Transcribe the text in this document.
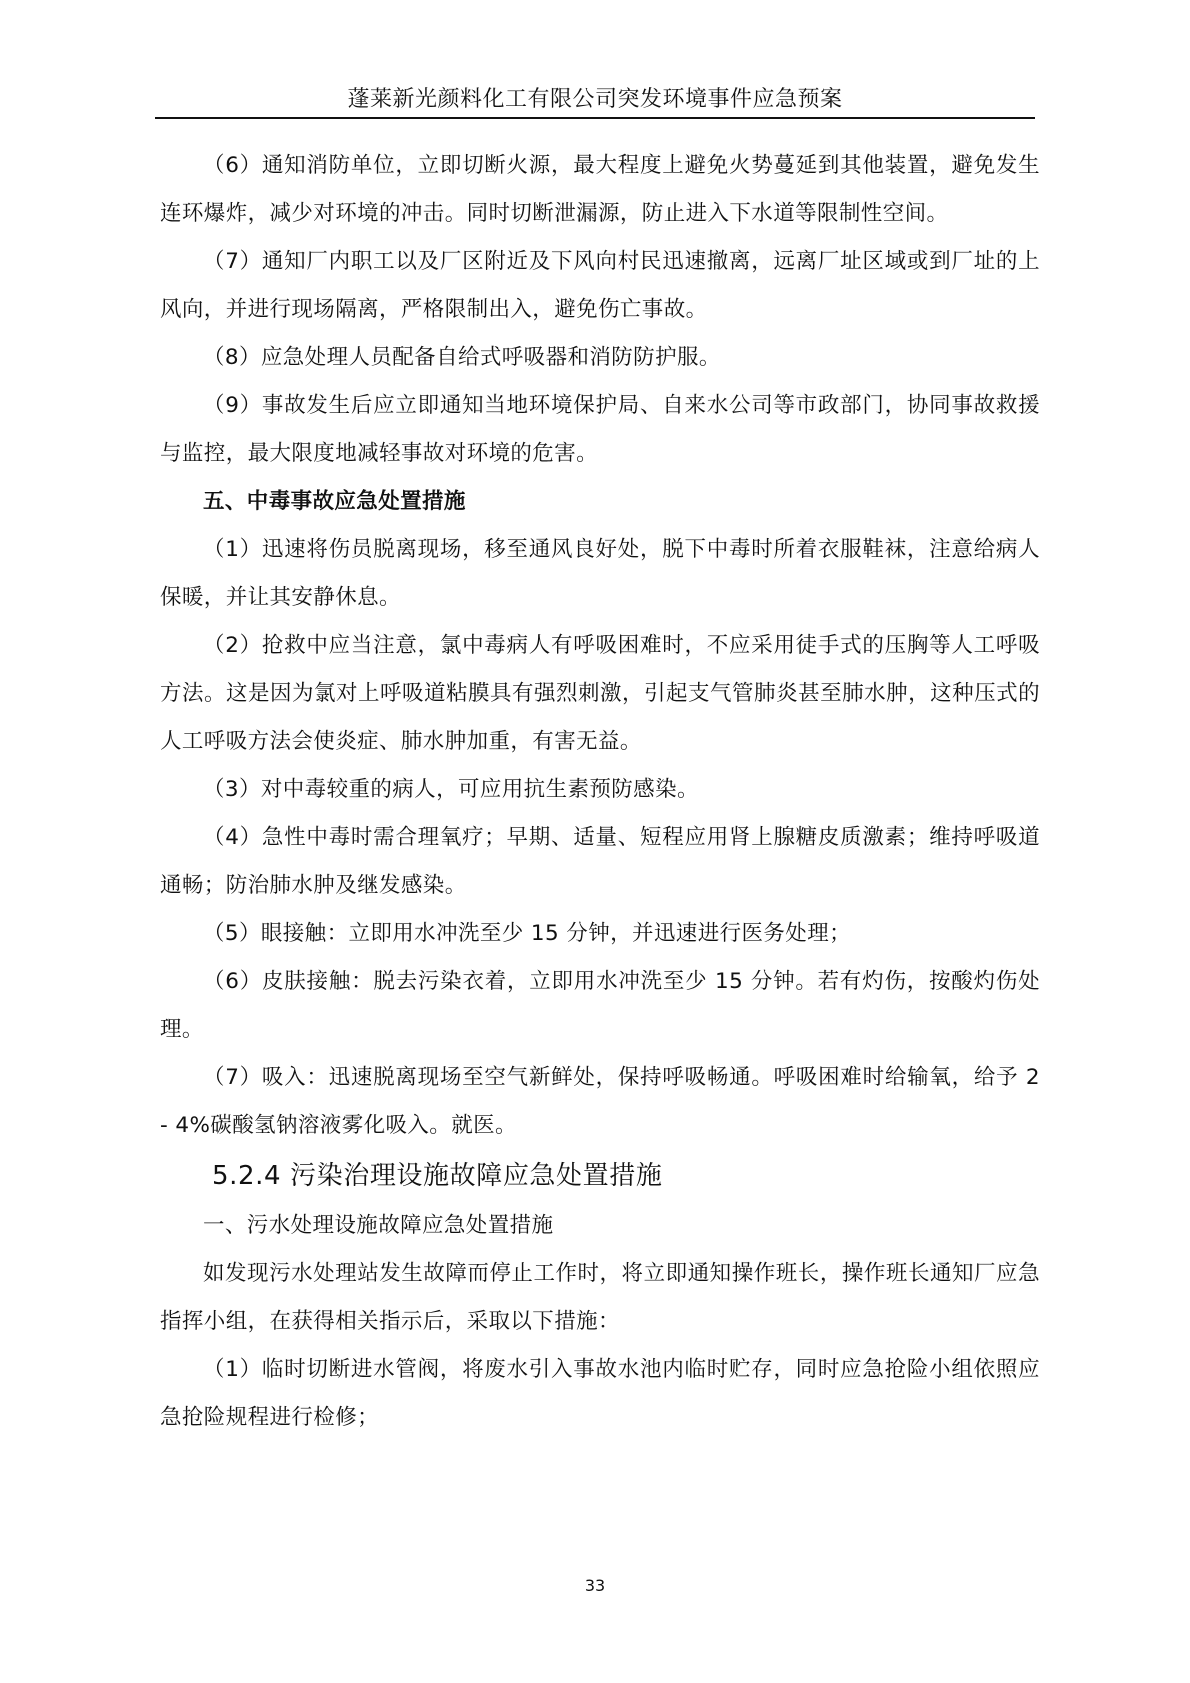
蓬莱新光颜料化工有限公司突发环境事件应急预案

（6）通知消防单位，立即切断火源，最大程度上避免火势蔓延到其他装置，避免发生连环爆炸，减少对环境的冲击。同时切断泄漏源，防止进入下水道等限制性空间。

（7）通知厂内职工以及厂区附近及下风向村民迅速撤离，远离厂址区域或到厂址的上风向，并进行现场隔离，严格限制出入，避免伤亡事故。

（8）应急处理人员配备自给式呼吸器和消防防护服。

（9）事故发生后应立即通知当地环境保护局、自来水公司等市政部门，协同事故救援与监控，最大限度地减轻事故对环境的危害。

五、中毒事故应急处置措施

（1）迅速将伤员脱离现场，移至通风良好处，脱下中毒时所着衣服鞋袜，注意给病人保暖，并让其安静休息。

（2）抢救中应当注意，氯中毒病人有呼吸困难时，不应采用徒手式的压胸等人工呼吸方法。这是因为氯对上呼吸道粘膜具有强烈刺激，引起支气管肺炎甚至肺水肿，这种压式的人工呼吸方法会使炎症、肺水肿加重，有害无益。

（3）对中毒较重的病人，可应用抗生素预防感染。

（4）急性中毒时需合理氧疗；早期、适量、短程应用肾上腺糖皮质激素；维持呼吸道通畅；防治肺水肿及继发感染。

（5）眼接触：立即用水冲洗至少 15 分钟，并迅速进行医务处理；

（6）皮肤接触：脱去污染衣着，立即用水冲洗至少 15 分钟。若有灼伤，按酸灼伤处理。

（7）吸入：迅速脱离现场至空气新鲜处，保持呼吸畅通。呼吸困难时给输氧，给予 2 - 4%碳酸氢钠溶液雾化吸入。就医。

5.2.4 污染治理设施故障应急处置措施

一、污水处理设施故障应急处置措施

如发现污水处理站发生故障而停止工作时，将立即通知操作班长，操作班长通知厂应急指挥小组，在获得相关指示后，采取以下措施：

（1）临时切断进水管阀，将废水引入事故水池内临时贮存，同时应急抢险小组依照应急抢险规程进行检修；

33
